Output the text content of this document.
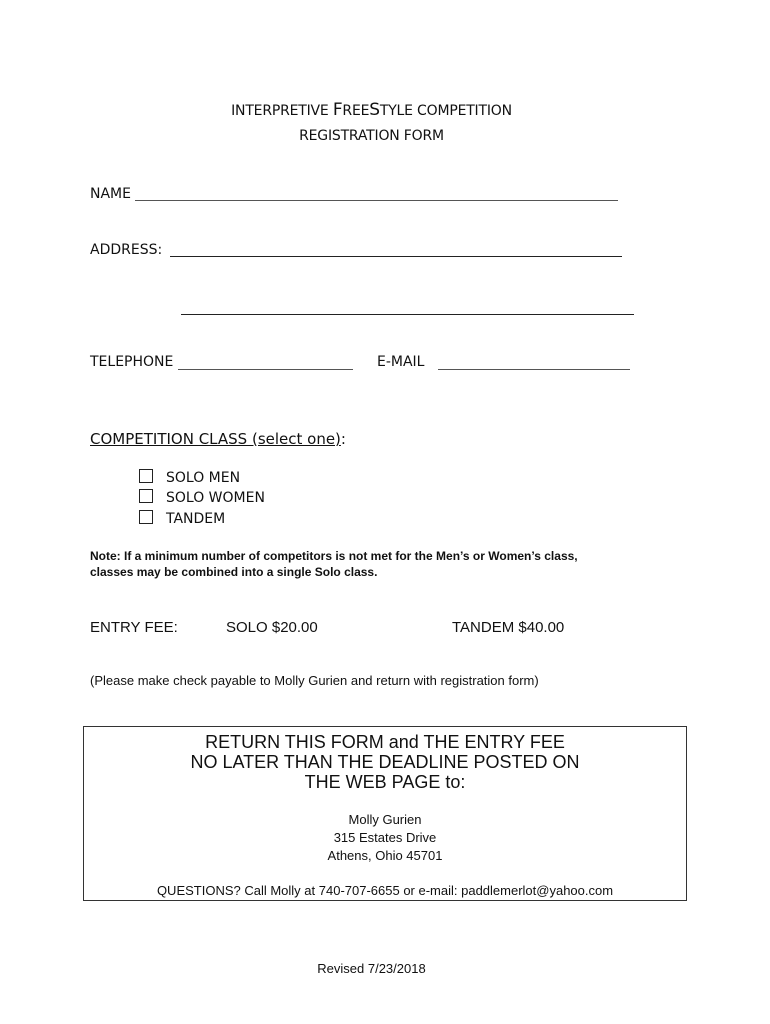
INTERPRETIVE FREESTYLE COMPETITION
REGISTRATION FORM
NAME
ADDRESS:
TELEPHONE	E-MAIL
COMPETITION CLASS (select one):
SOLO MEN
SOLO WOMEN
TANDEM
Note: If a minimum number of competitors is not met for the Men’s or Women’s class,
classes may be combined into a single Solo class.
ENTRY FEE:	SOLO $20.00	TANDEM $40.00
(Please make check payable to Molly Gurien and return with registration form)
RETURN THIS FORM and THE ENTRY FEE
NO LATER THAN THE DEADLINE POSTED ON
THE WEB PAGE to:
Molly Gurien
315 Estates Drive
Athens, Ohio 45701
QUESTIONS? Call Molly at 740-707-6655 or e-mail: paddlemerlot@yahoo.com
Revised 7/23/2018
